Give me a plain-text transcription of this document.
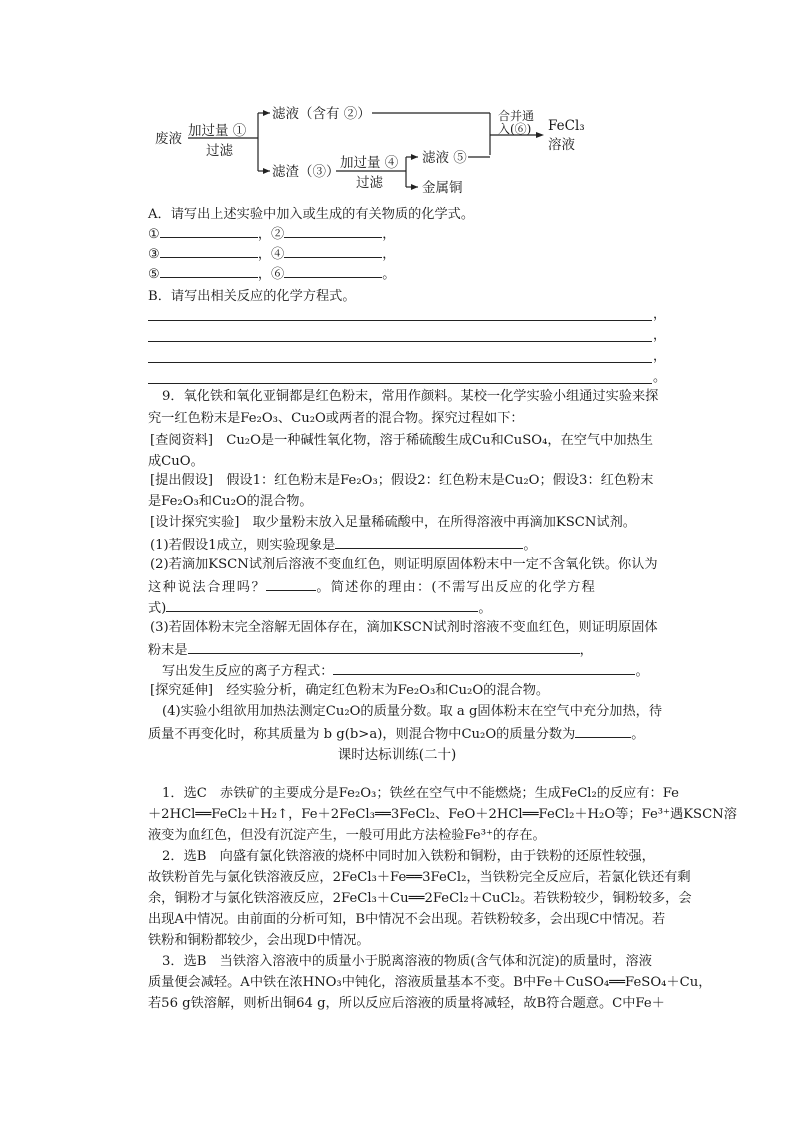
废液 加过量 ①
过滤
滤液（含有 ②）
滤渣（③）
加过量 ④
过滤
滤液 ⑤
金属铜
合并通
入(⑥) FeCl₃
溶液
A．请写出上述实验中加入或生成的有关物质的化学式。
①	，②	，
③	，④	，
⑤	，⑥	。
B．请写出相关反应的化学方程式。
，
，
，
。
9．氧化铁和氧化亚铜都是红色粉末，常用作颜料。某校一化学实验小组通过实验来探
究一红色粉末是Fe₂O₃、Cu₂O或两者的混合物。探究过程如下：
[查阅资料]　Cu₂O是一种碱性氧化物，溶于稀硫酸生成Cu和CuSO₄，在空气中加热生
成CuO。
[提出假设]　假设1：红色粉末是Fe₂O₃；假设2：红色粉末是Cu₂O；假设3：红色粉末
是Fe₂O₃和Cu₂O的混合物。
[设计探究实验]　取少量粉末放入足量稀硫酸中，在所得溶液中再滴加KSCN试剂。
(1)若假设1成立，则实验现象是	。
(2)若滴加KSCN试剂后溶液不变血红色，则证明原固体粉末中一定不含氧化铁。你认为
这种说法合理吗？	。简述你的理由：(不需写出反应的化学方程
式)	。
(3)若固体粉末完全溶解无固体存在，滴加KSCN试剂时溶液不变血红色，则证明原固体
粉末是	，
写出发生反应的离子方程式：	。
[探究延伸]　经实验分析，确定红色粉末为Fe₂O₃和Cu₂O的混合物。
(4)实验小组欲用加热法测定Cu₂O的质量分数。取 a g固体粉末在空气中充分加热，待
质量不再变化时，称其质量为 b g(b>a)，则混合物中Cu₂O的质量分数为	。
课时达标训练(二十)
1．选C　赤铁矿的主要成分是Fe₂O₃；铁丝在空气中不能燃烧；生成FeCl₂的反应有：Fe
＋2HCl══FeCl₂＋H₂↑，Fe＋2FeCl₃══3FeCl₂、FeO＋2HCl══FeCl₂＋H₂O等；Fe³⁺遇KSCN溶
液变为血红色，但没有沉淀产生，一般可用此方法检验Fe³⁺的存在。
2．选B　向盛有氯化铁溶液的烧杯中同时加入铁粉和铜粉，由于铁粉的还原性较强，
故铁粉首先与氯化铁溶液反应，2FeCl₃＋Fe══3FeCl₂，当铁粉完全反应后，若氯化铁还有剩
余，铜粉才与氯化铁溶液反应，2FeCl₃＋Cu══2FeCl₂＋CuCl₂。若铁粉较少，铜粉较多，会
出现A中情况。由前面的分析可知，B中情况不会出现。若铁粉较多，会出现C中情况。若
铁粉和铜粉都较少，会出现D中情况。
3．选B　当铁溶入溶液中的质量小于脱离溶液的物质(含气体和沉淀)的质量时，溶液
质量便会减轻。A中铁在浓HNO₃中钝化，溶液质量基本不变。B中Fe＋CuSO₄══FeSO₄＋Cu，
若56 g铁溶解，则析出铜64 g，所以反应后溶液的质量将减轻，故B符合题意。C中Fe＋
